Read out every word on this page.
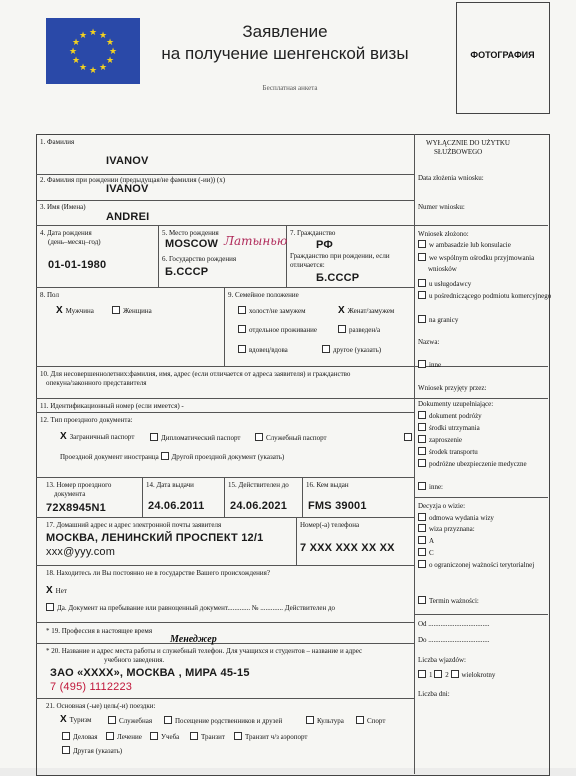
★ ★
★
★
★
★
★
★
★
★
★
★	Заявление
на получение шенгенской визы
Бесплатная анкета
ФОТОГРАФИЯ
1. Фамилия
IVANOV
2. Фамилия при рождении (предыдущая/не фамилия (-ии)) (х)
IVANOV
3. Имя (Имена)
ANDREI
4. Дата рождения
(день–месяц–год)
01-01-1980
5. Место рождения
MOSCOW Латынью
6. Государство рождения
Б.СССР
7. Гражданство
РФ
Гражданство при рождении, если отличается:
Б.СССР
8. Пол
X Мужчина	Женщина
9. Семейное положение
холост/не замужем	X Женат/замужем
отдельное проживание	разведен/а
вдовец/вдова	другое (указать)
10. Для несовершеннолетних:фамилия, имя, адрес (если отличается от адреса заявителя) и гражданство
опекуна/законного представителя
11. Идентификационный номер (если имеется) -
12. Тип проездного документа:
X Заграничный паспорт	Дипломатический паспорт	Служебный паспорт
Проездной документ иностранца Другой проездной документ (указать)
13. Номер проездного
документа
72Х8945N1
14. Дата выдачи
24.06.2011
15. Действителен до
24.06.2021
16. Кем выдан
FMS 39001
17. Домашний адрес и адрес электронной почты заявителя
МОСКВА, ЛЕНИНСКИЙ ПРОСПЕКТ 12/1
ххх@ууу.com
Номер(-а) телефона
7 ХХХ ХХХ ХХ ХХ
18. Находитесь ли Вы постоянно не в государстве Вашего происхождения?
X Нет
Да. Документ на пребывание или равноценный документ............. № ............. Действителен до
* 19. Профессия в настоящее время
Менеджер
* 20. Название и адрес места работы и служебный телефон. Для учащихся и студентов – название и адрес
учебного заведения.
ЗАО «ХХХХ», МОСКВА , МИРА 45-15
7 (495) 1112223
21. Основная (-ые) цель(-и) поездки:
X Туризм	Служебная	Посещение родственников и друзей	Культура	Спорт
Деловая	Лечение	Учеба	Транзит	Транзит ч/з аэропорт
Другая (указать)
WYŁĄCZNIE DO UŻYTKU
SŁUŻBOWEGO
Data złożenia wniosku:
Numer wniosku:
Wniosek złożono:
w ambasadzie lub konsulacie
we wspólnym ośrodku przyjmowania wniosków
u usługodawcy
u pośredniczącego podmiotu komercyjnego
na granicy
Nazwa:
inne
Wniosek przyjęty przez:
Dokumenty uzupełniające:
dokument podróży
środki utrzymania
zaproszenie
środek transportu
podróżne ubezpieczenie medyczne
inne:
Decyzja o wizie:
odmowa wydania wizy
wiza przyznana:
A
C
o ograniczonej ważności terytorialnej
Termin ważności:
Od ...................................
Do ...................................
Liczba wjazdów:
1 2 wielokrotny
Liczba dni:
